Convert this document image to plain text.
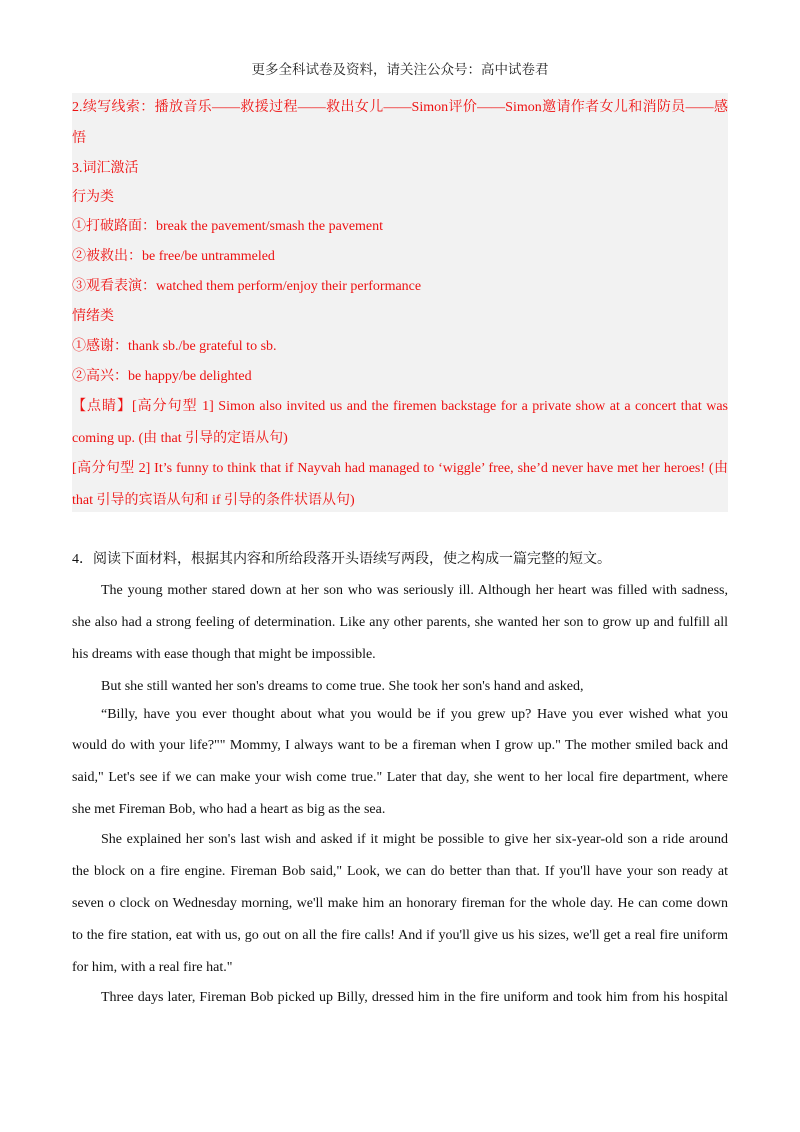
更多全科试卷及资料，请关注公众号：高中试卷君
2.续写线索：播放音乐——救援过程——救出女儿——Simon评价——Simon邀请作者女儿和消防员——感
悟
3.词汇激活
行为类
①打破路面：break the pavement/smash the pavement
②被救出：be free/be untrammeled
③观看表演：watched them perform/enjoy their performance
情绪类
①感谢：thank sb./be grateful to sb.
②高兴：be happy/be delighted
【点睛】[高分句型 1] Simon also invited us and the firemen backstage for a private show at a concert that was
coming up. (由 that 引导的定语从句)
[高分句型 2] It’s funny to think that if Nayvah had managed to ‘wiggle’ free, she’d never have met her heroes! (由
that 引导的宾语从句和 if 引导的条件状语从句)
4．阅读下面材料，根据其内容和所给段落开头语续写两段，使之构成一篇完整的短文。
The young mother stared down at her son who was seriously ill. Although her heart was filled with sadness,
she also had a strong feeling of determination. Like any other parents, she wanted her son to grow up and fulfill all
his dreams with ease though that might be impossible.
But she still wanted her son's dreams to come true. She took her son's hand and asked,
“Billy, have you ever thought about what you would be if you grew up? Have you ever wished what you
would do with your life?"" Mommy, I always want to be a fireman when I grow up." The mother smiled back and
said," Let's see if we can make your wish come true." Later that day, she went to her local fire department, where
she met Fireman Bob, who had a heart as big as the sea.
She explained her son's last wish and asked if it might be possible to give her six-year-old son a ride around
the block on a fire engine. Fireman Bob said," Look, we can do better than that. If you'll have your son ready at
seven o clock on Wednesday morning, we'll make him an honorary fireman for the whole day. He can come down
to the fire station, eat with us, go out on all the fire calls! And if you'll give us his sizes, we'll get a real fire uniform
for him, with a real fire hat."
Three days later, Fireman Bob picked up Billy, dressed him in the fire uniform and took him from his hospital
